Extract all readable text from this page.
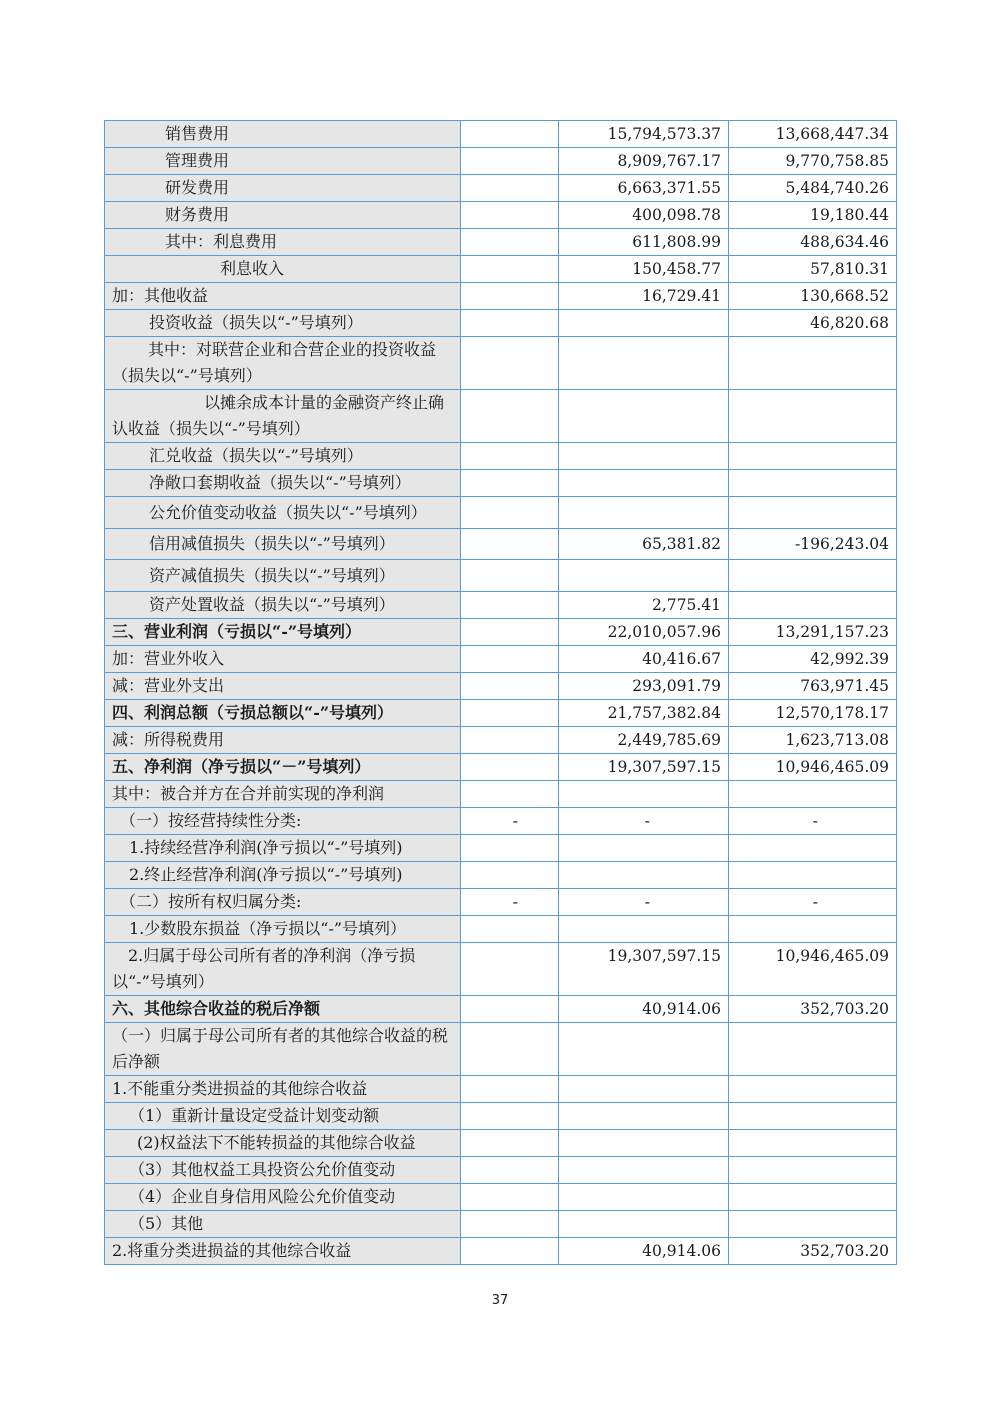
销售费用		15,794,573.37	13,668,447.34
管理费用		8,909,767.17	9,770,758.85
研发费用		6,663,371.55	5,484,740.26
财务费用		400,098.78	19,180.44
其中：利息费用		611,808.99	488,634.46
利息收入		150,458.77	57,810.31
加：其他收益		16,729.41	130,668.52
投资收益（损失以“-”号填列）			46,820.68
其中：对联营企业和合营企业的投资收益（损失以“-”号填列）			
以摊余成本计量的金融资产终止确认收益（损失以“-”号填列）			
汇兑收益（损失以“-”号填列）			
净敞口套期收益（损失以“-”号填列）			
公允价值变动收益（损失以“-”号填列）			
信用减值损失（损失以“-”号填列）		65,381.82	-196,243.04
资产减值损失（损失以“-”号填列）			
资产处置收益（损失以“-”号填列）		2,775.41	
三、营业利润（亏损以“-”号填列）		22,010,057.96	13,291,157.23
加：营业外收入		40,416.67	42,992.39
减：营业外支出		293,091.79	763,971.45
四、利润总额（亏损总额以“-”号填列）		21,757,382.84	12,570,178.17
减：所得税费用		2,449,785.69	1,623,713.08
五、净利润（净亏损以“－”号填列）		19,307,597.15	10,946,465.09
其中：被合并方在合并前实现的净利润			
（一）按经营持续性分类:	-	-	-
1.持续经营净利润(净亏损以“-”号填列)			
2.终止经营净利润(净亏损以“-”号填列)			
（二）按所有权归属分类:	-	-	-
1.少数股东损益（净亏损以“-”号填列）			
2.归属于母公司所有者的净利润（净亏损以“-”号填列）		19,307,597.15	10,946,465.09
六、其他综合收益的税后净额		40,914.06	352,703.20
（一）归属于母公司所有者的其他综合收益的税后净额			
1.不能重分类进损益的其他综合收益			
（1）重新计量设定受益计划变动额			
(2)权益法下不能转损益的其他综合收益			
（3）其他权益工具投资公允价值变动			
（4）企业自身信用风险公允价值变动			
（5）其他			
2.将重分类进损益的其他综合收益		40,914.06	352,703.20
37
